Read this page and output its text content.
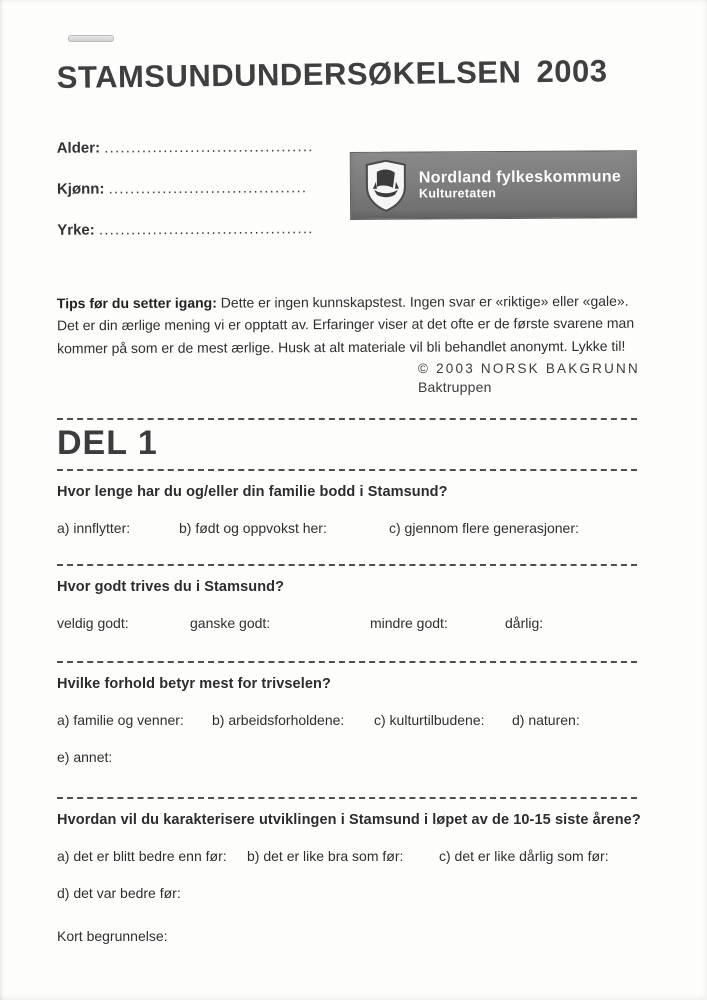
STAMSUNDUNDERSØKELSEN 2003
Alder: .......................................
Kjønn: .....................................
Yrke: ........................................
Nordland fylkeskommune
Kulturetaten

Tips før du setter igang: Dette er ingen kunnskapstest. Ingen svar er «riktige» eller «gale». Det er din ærlige mening vi er opptatt av. Erfaringer viser at det ofte er de første svarene man kommer på som er de mest ærlige. Husk at alt materiale vil bli behandlet anonymt. Lykke til!

© 2003 NORSK BAKGRUNN
Baktruppen
DEL 1
Hvor lenge har du og/eller din familie bodd i Stamsund?
a) innflytter:	b) født og oppvokst her:	c) gjennom flere generasjoner:
Hvor godt trives du i Stamsund?
veldig godt:	ganske godt:	mindre godt:	dårlig:
Hvilke forhold betyr mest for trivselen?
a) familie og venner: b) arbeidsforholdene: c) kulturtilbudene: d) naturen:
e) annet:
Hvordan vil du karakterisere utviklingen i Stamsund i løpet av de 10-15 siste årene?
a) det er blitt bedre enn før: b) det er like bra som før:	c) det er like dårlig som før:
d) det var bedre før:
Kort begrunnelse:
